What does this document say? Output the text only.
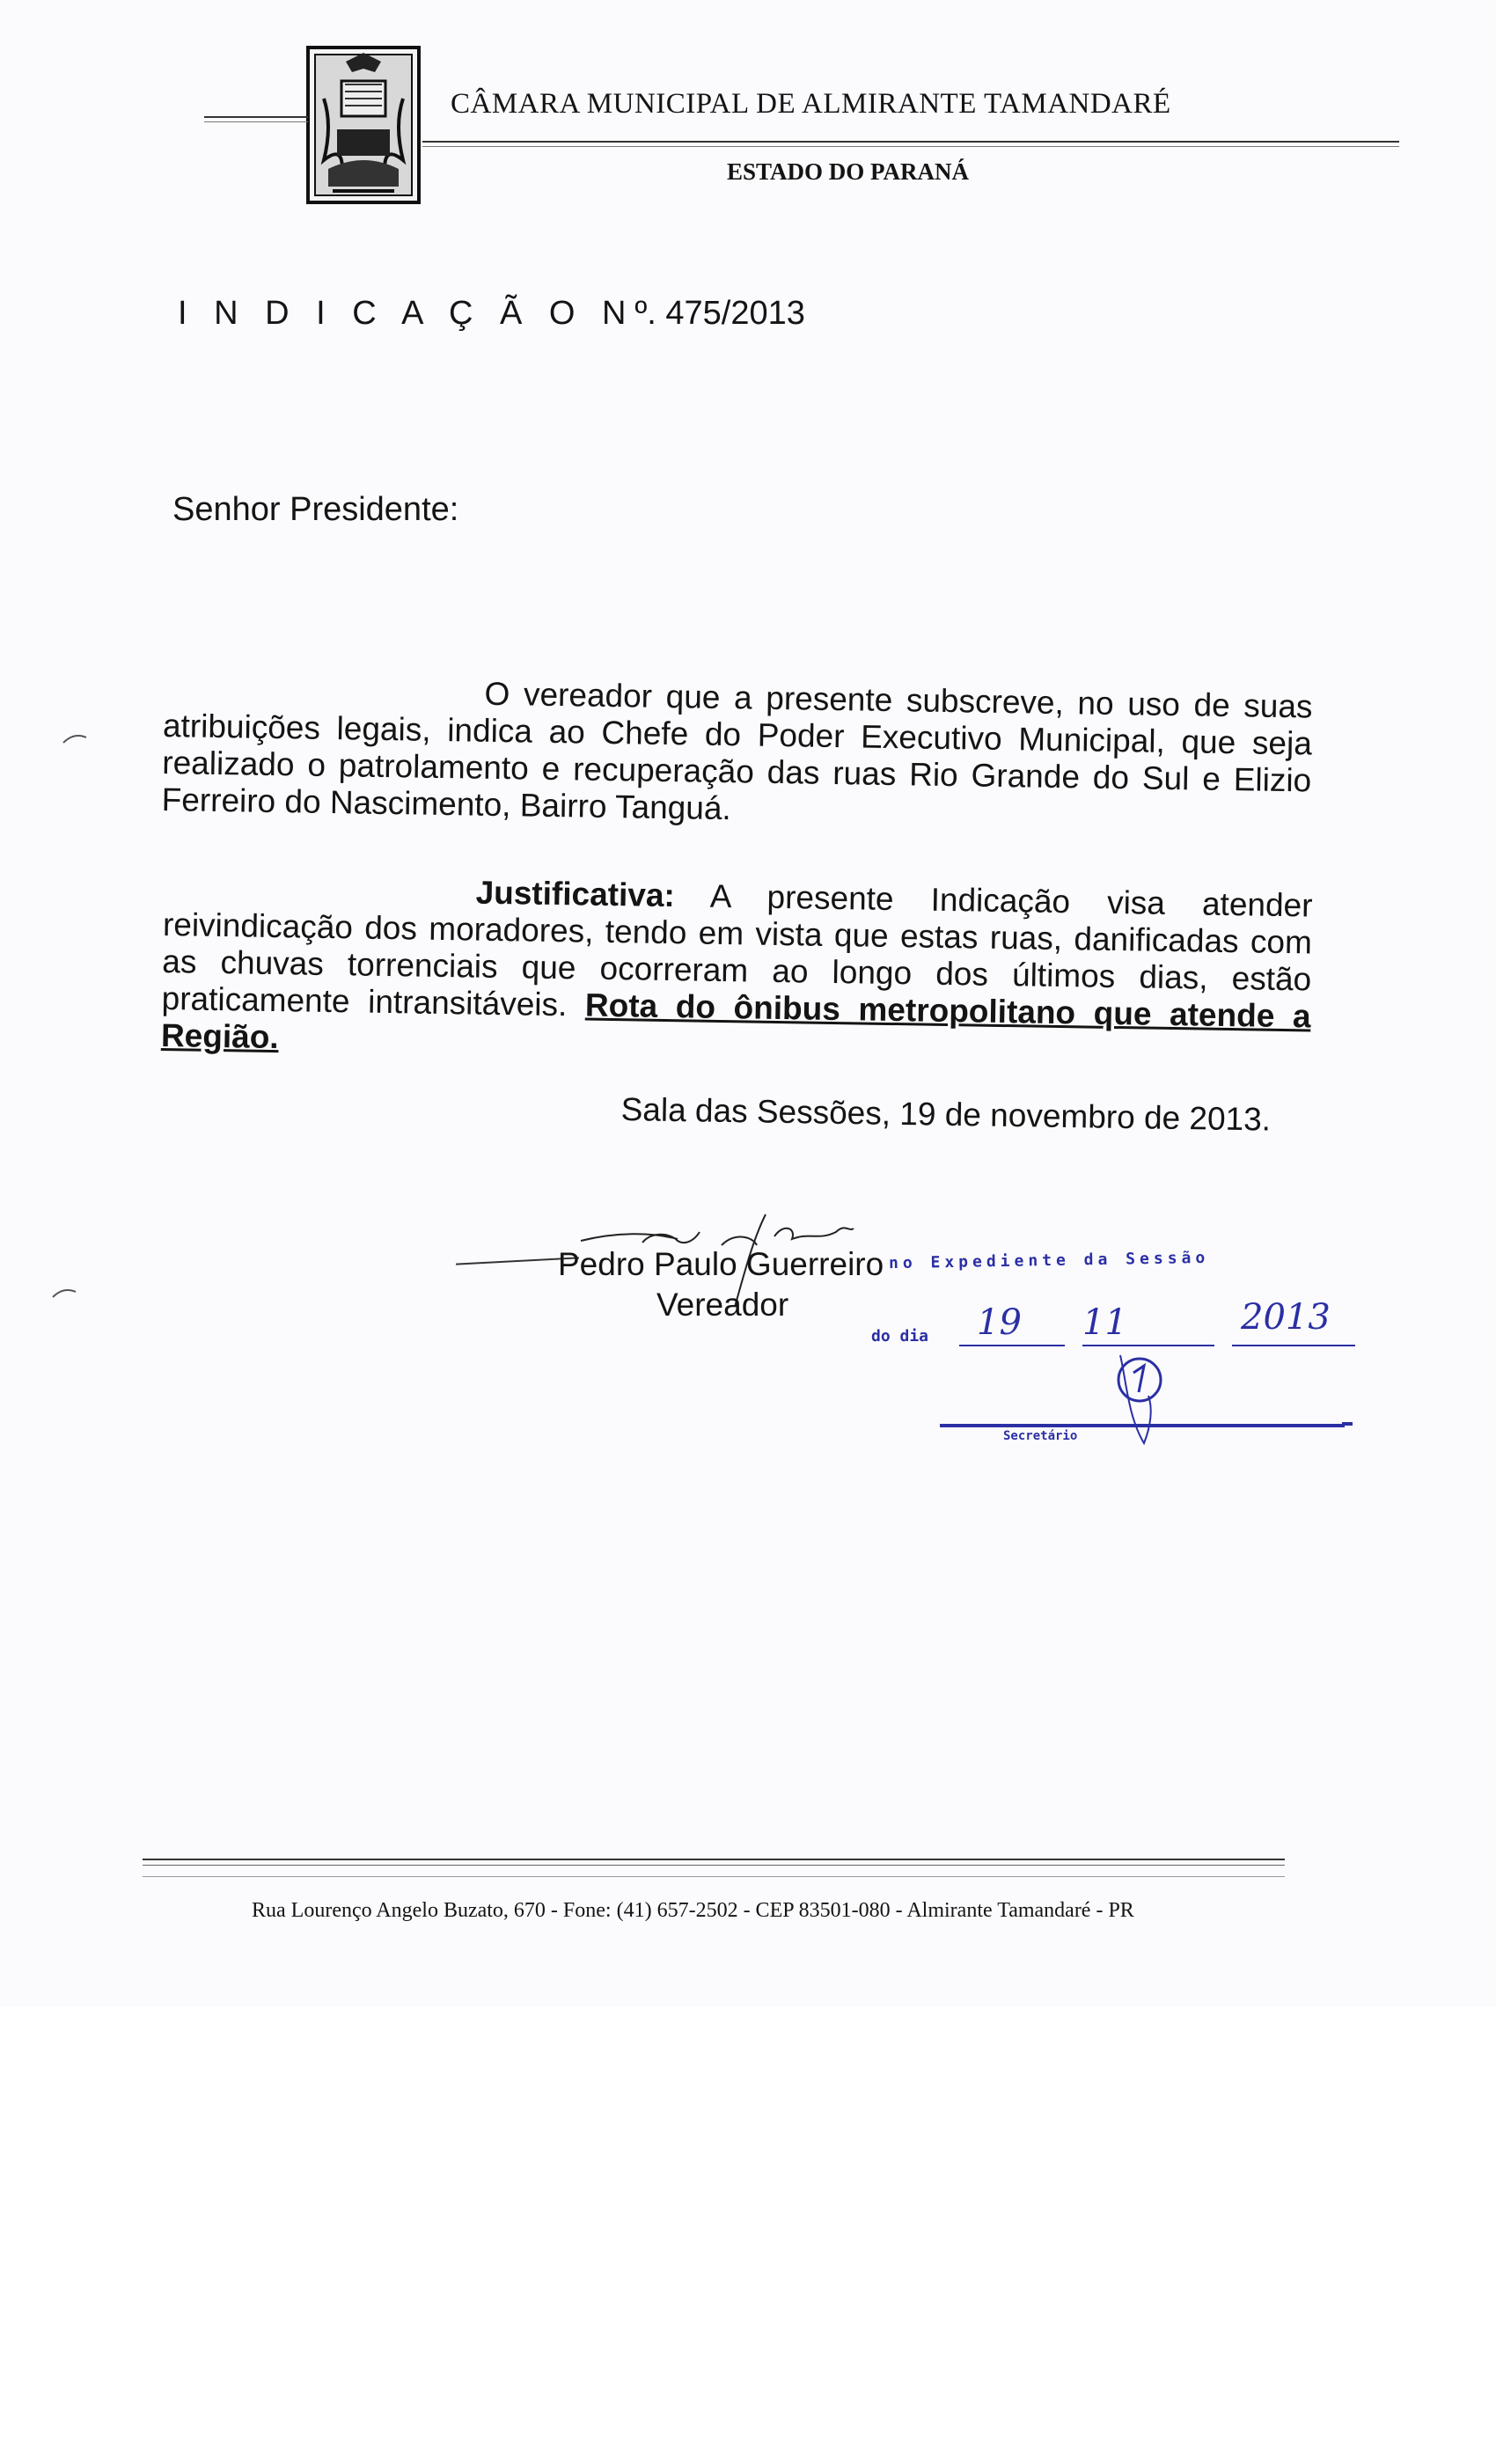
CÂMARA MUNICIPAL DE ALMIRANTE TAMANDARÉ
ESTADO DO PARANÁ
I N D I C A Ç Ã O Nº. 475/2013
Senhor Presidente:
O vereador que a presente subscreve, no uso de suas atribuições legais, indica ao Chefe do Poder Executivo Municipal, que seja realizado o patrolamento e recuperação das ruas Rio Grande do Sul e Elizio Ferreiro do Nascimento, Bairro Tanguá.
Justificativa: A presente Indicação visa atender reivindicação dos moradores, tendo em vista que estas ruas, danificadas com as chuvas torrenciais que ocorreram ao longo dos últimos dias, estão praticamente intransitáveis. Rota do ônibus metropolitano que atende a Região.
Sala das Sessões, 19 de novembro de 2013.
Pedro Paulo Guerreiro
Vereador
no Expediente da Sessão
do dia 19 11	2013
Secretário
Rua Lourenço Angelo Buzato, 670 - Fone: (41) 657-2502 - CEP 83501-080 - Almirante Tamandaré - PR
